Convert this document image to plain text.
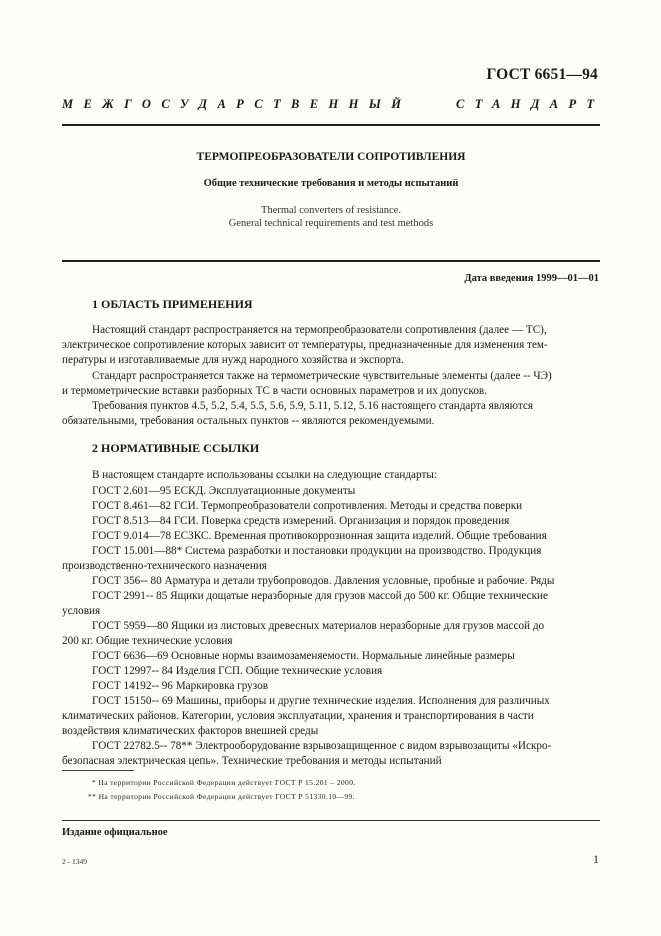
ГОСТ 6651—94
МЕЖГОСУДАРСТВЕННЫЙ	СТАНДАРТ
ТЕРМОПРЕОБРАЗОВАТЕЛИ СОПРОТИВЛЕНИЯ
Общие технические требования и методы испытаний
Thermal converters of resistance.
General technical requirements and test methods
Дата введения 1999—01—01
1 ОБЛАСТЬ ПРИМЕНЕНИЯ
Настоящий стандарт распространяется на термопреобразователи сопротивления (далее — ТС),
электрическое сопротивление которых зависит от температуры, предназначенные для изменения тем-
пературы и изготавливаемые для нужд народного хозяйства и экспорта.
Стандарт распространяется также на термометрические чувствительные элементы (далее -- ЧЭ)
и термометрические вставки разборных ТС в части основных параметров и их допусков.
Требования пунктов 4.5, 5.2, 5.4, 5.5, 5.6, 5.9, 5.11, 5.12, 5.16 настоящего стандарта являются
обязательными, требования остальных пунктов -- являются рекомендуемыми.
2 НОРМАТИВНЫЕ ССЫЛКИ
В настоящем стандарте использованы ссылки на следующие стандарты:
ГОСТ 2.601—95 ЕСКД. Эксплуатационные документы
ГОСТ 8.461—82 ГСИ. Термопреобразователи сопротивления. Методы и средства поверки
ГОСТ 8.513—84 ГСИ. Поверка средств измерений. Организация и порядок проведения
ГОСТ 9.014—78 ЕСЗКС. Временная противокоррозионная защита изделий. Общие требования
ГОСТ 15.001—88* Система разработки и постановки продукции на производство. Продукция
производственно-технического назначения
ГОСТ 356-- 80 Арматура и детали трубопроводов. Давления условные, пробные и рабочие. Ряды
ГОСТ 2991-- 85 Ящики дощатые неразборные для грузов массой до 500 кг. Общие технические
условия
ГОСТ 5959—80 Ящики из листовых древесных материалов неразборные для грузов массой до
200 кг. Общие технические условия
ГОСТ 6636—69 Основные нормы взаимозаменяемости. Нормальные линейные размеры
ГОСТ 12997-- 84 Изделия ГСП. Общие технические условия
ГОСТ 14192-- 96 Маркировка грузов
ГОСТ 15150-- 69 Машины, приборы и другие технические изделия. Исполнения для различных
климатических районов. Категории, условия эксплуатации, хранения и транспортирования в части
воздействия климатических факторов внешней среды
ГОСТ 22782.5-- 78** Электрооборудование взрывозащищенное с видом взрывозащиты «Искро-
безопасная электрическая цепь». Технические требования и методы испытаний
* На территории Российской Федерации действует ГОСТ Р 15.201 – 2000.
** На территории Российской Федерации действует ГОСТ Р 51330.10—99.
Издание официальное
2 - 1349	1
